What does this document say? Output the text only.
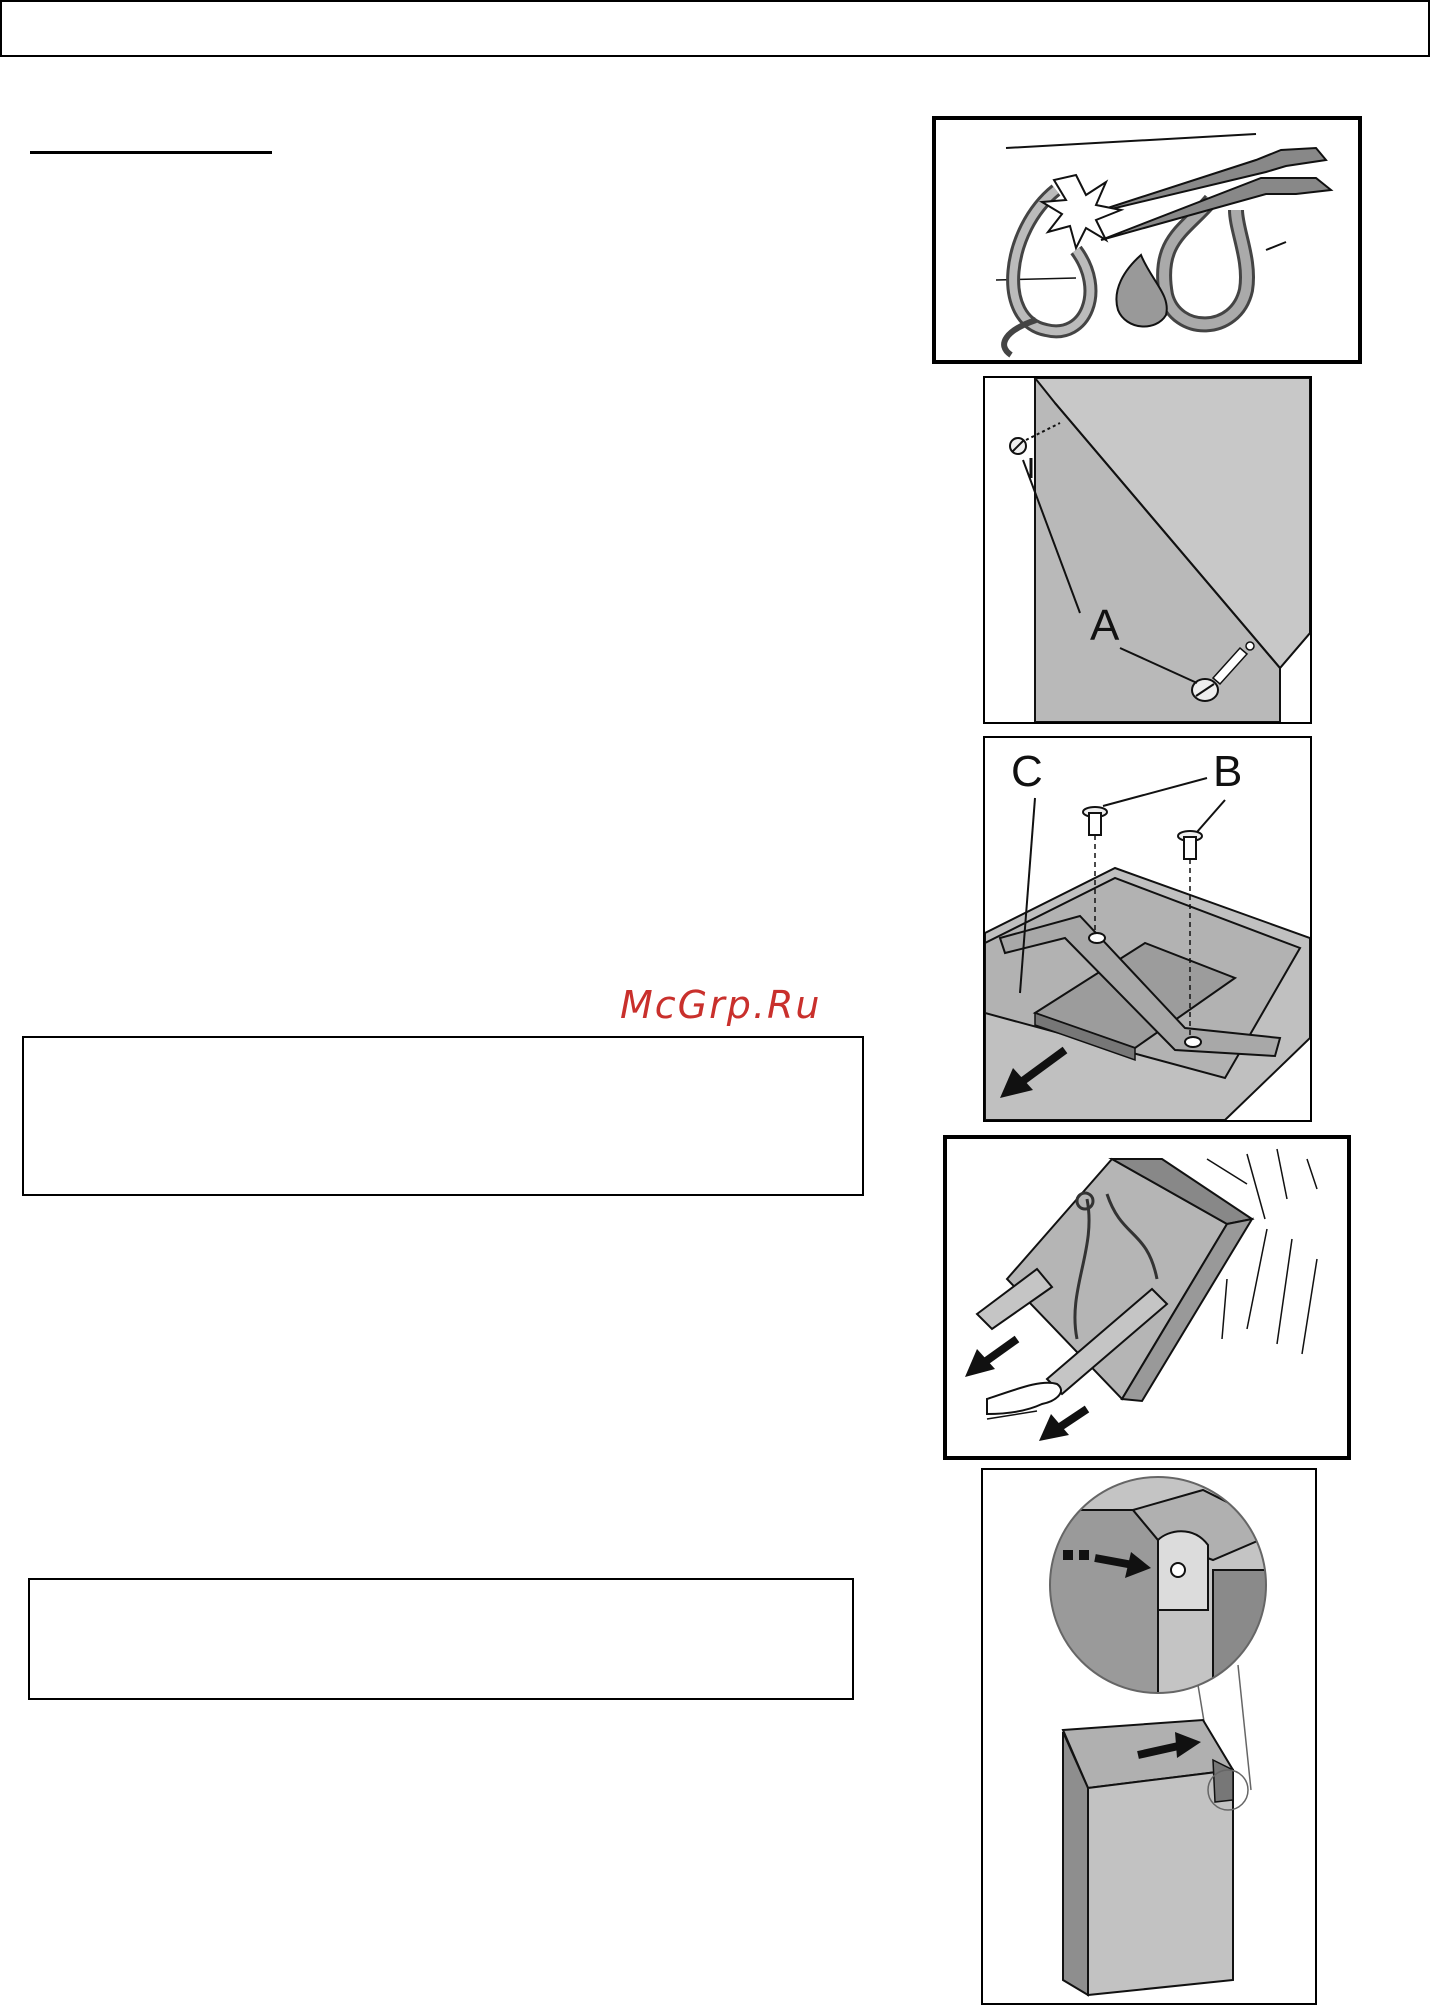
McGrp.Ru
A
B
C
